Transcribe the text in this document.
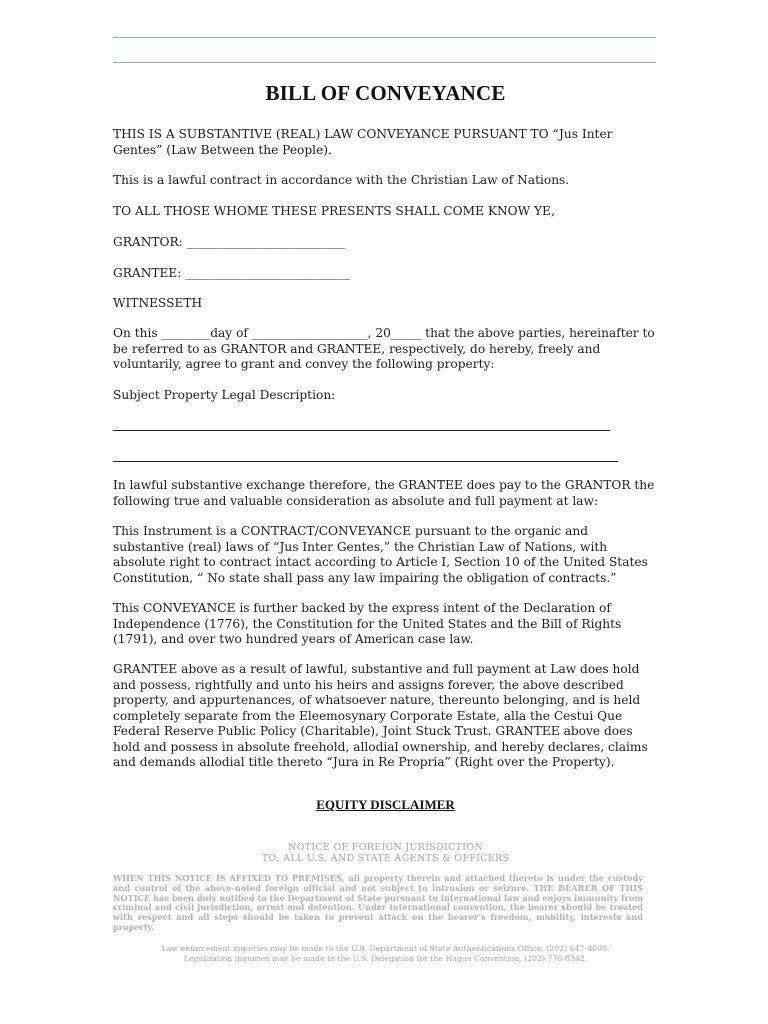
BILL OF CONVEYANCE

THIS IS A SUBSTANTIVE (REAL) LAW CONVEYANCE PURSUANT TO “Jus Inter Gentes” (Law Between the People).

This is a lawful contract in accordance with the Christian Law of Nations.

TO ALL THOSE WHOME THESE PRESENTS SHALL COME KNOW YE,

GRANTOR: __________________________

GRANTEE: ___________________________

WITNESSETH

On this ________day of ___________________, 20_____ that the above parties, hereinafter to be referred to as GRANTOR and GRANTEE, respectively, do hereby, freely and voluntarily, agree to grant and convey the following property:

Subject Property Legal Description:

In lawful substantive exchange therefore, the GRANTEE does pay to the GRANTOR the following true and valuable consideration as absolute and full payment at law:

This Instrument is a CONTRACT/CONVEYANCE pursuant to the organic and substantive (real) laws of “Jus Inter Gentes,” the Christian Law of Nations, with absolute right to contract intact according to Article I, Section 10 of the United States Constitution, “ No state shall pass any law impairing the obligation of contracts.”

This CONVEYANCE is further backed by the express intent of the Declaration of Independence (1776), the Constitution for the United States and the Bill of Rights (1791), and over two hundred years of American case law.

GRANTEE above as a result of lawful, substantive and full payment at Law does hold and possess, rightfully and unto his heirs and assigns forever, the above described property, and appurtenances, of whatsoever nature, thereunto belonging, and is held completely separate from the Eleemosynary Corporate Estate, alla the Cestui Que Federal Reserve Public Policy (Charitable), Joint Stuck Trust. GRANTEE above does hold and possess in absolute freehold, allodial ownership, and hereby declares, claims and demands allodial title thereto “Jura in Re Propria” (Right over the Property).

EQUITY DISCLAIMER
NOTICE OF FOREIGN JURISDICTION
TO: ALL U.S. AND STATE AGENTS & OFFICERS
WHEN THIS NOTICE IS AFFIXED TO PREMISES, all property therein and attached thereto is under the custody and control of the above-noted foreign official and not subject to intrusion or seizure. THE BEARER OF THIS NOTICE has been duly notified to the Department of State pursuant to international law and enjoys immunity from criminal and civil jurisdiction, arrest and detention. Under international convention, the bearer should be treated with respect and all steps should be taken to prevent attack on the bearer’s freedom, mobility, interests and property.
Law enforcement inquiries may be made to the U.S. Department of State Authentications Office, (202) 647-4000.
Legalization inquiries may be made to the U.S. Delegation for the Hague Convention, (202) 776-8342.
